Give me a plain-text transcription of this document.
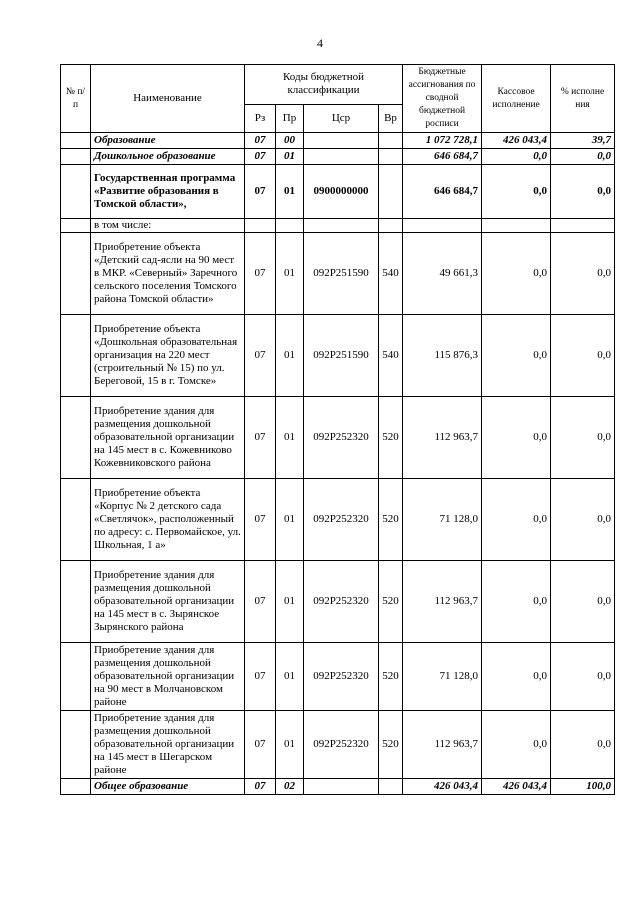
4
№ п/п	Наименование	Коды бюджетной классификации				Бюджетные ассигнования по сводной бюджетной росписи	Кассовое исполнение	% исполне ния
		Рз	Пр	Цср	Вр			
	Образование	07	00			1 072 728,1	426 043,4	39,7
	Дошкольное образование	07	01			646 684,7	0,0	0,0
	Государственная программа «Развитие образования в Томской области»,	07	01	0900000000		646 684,7	0,0	0,0
	в том числе:							
	Приобретение объекта «Детский сад-ясли на 90 мест в МКР. «Северный» Заречного сельского поселения Томского района Томской области»	07	01	092P251590	540	49 661,3	0,0	0,0
	Приобретение объекта «Дошкольная образовательная организация на 220 мест (строительный № 15) по ул. Береговой, 15 в г. Томске»	07	01	092P251590	540	115 876,3	0,0	0,0
	Приобретение здания для размещения дошкольной образовательной организации на 145 мест в с. Кожевниково Кожевниковского района	07	01	092P252320	520	112 963,7	0,0	0,0
	Приобретение объекта «Корпус № 2 детского сада «Светлячок», расположенный по адресу: с. Первомайское, ул. Школьная, 1 а»	07	01	092P252320	520	71 128,0	0,0	0,0
	Приобретение здания для размещения дошкольной образовательной организации на 145 мест в с. Зырянское Зырянского района	07	01	092P252320	520	112 963,7	0,0	0,0
	Приобретение здания для размещения дошкольной образовательной организации на 90 мест в Молчановском районе	07	01	092P252320	520	71 128,0	0,0	0,0
	Приобретение здания для размещения дошкольной образовательной организации на 145 мест в Шегарском районе	07	01	092P252320	520	112 963,7	0,0	0,0
	Общее образование	07	02			426 043,4	426 043,4	100,0
